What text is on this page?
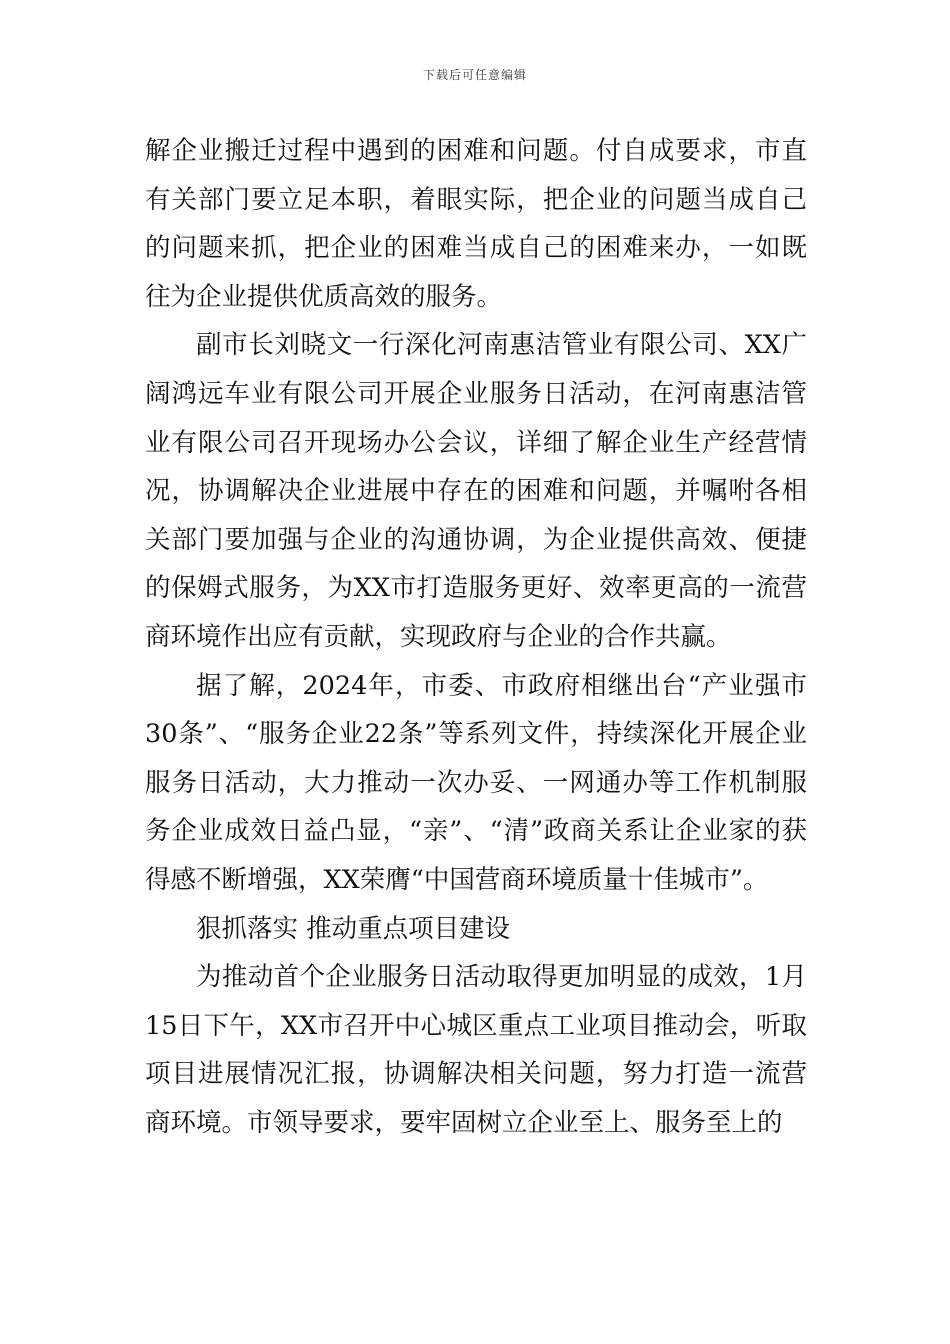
下载后可任意编辑

解企业搬迁过程中遇到的困难和问题。付自成要求，市直有关部门要立足本职，着眼实际，把企业的问题当成自己的问题来抓，把企业的困难当成自己的困难来办，一如既往为企业提供优质高效的服务。

副市长刘晓文一行深化河南惠洁管业有限公司、XX广阔鸿远车业有限公司开展企业服务日活动，在河南惠洁管业有限公司召开现场办公会议，详细了解企业生产经营情况，协调解决企业进展中存在的困难和问题，并嘱咐各相关部门要加强与企业的沟通协调，为企业提供高效、便捷的保姆式服务，为XX市打造服务更好、效率更高的一流营商环境作出应有贡献，实现政府与企业的合作共赢。

据了解，2024年，市委、市政府相继出台“产业强市30条”、“服务企业22条”等系列文件，持续深化开展企业服务日活动，大力推动一次办妥、一网通办等工作机制服务企业成效日益凸显，“亲”、“清”政商关系让企业家的获得感不断增强，XX荣膺“中国营商环境质量十佳城市”。

狠抓落实 推动重点项目建设

为推动首个企业服务日活动取得更加明显的成效，1月15日下午，XX市召开中心城区重点工业项目推动会，听取项目进展情况汇报，协调解决相关问题，努力打造一流营商环境。市领导要求，要牢固树立企业至上、服务至上的
